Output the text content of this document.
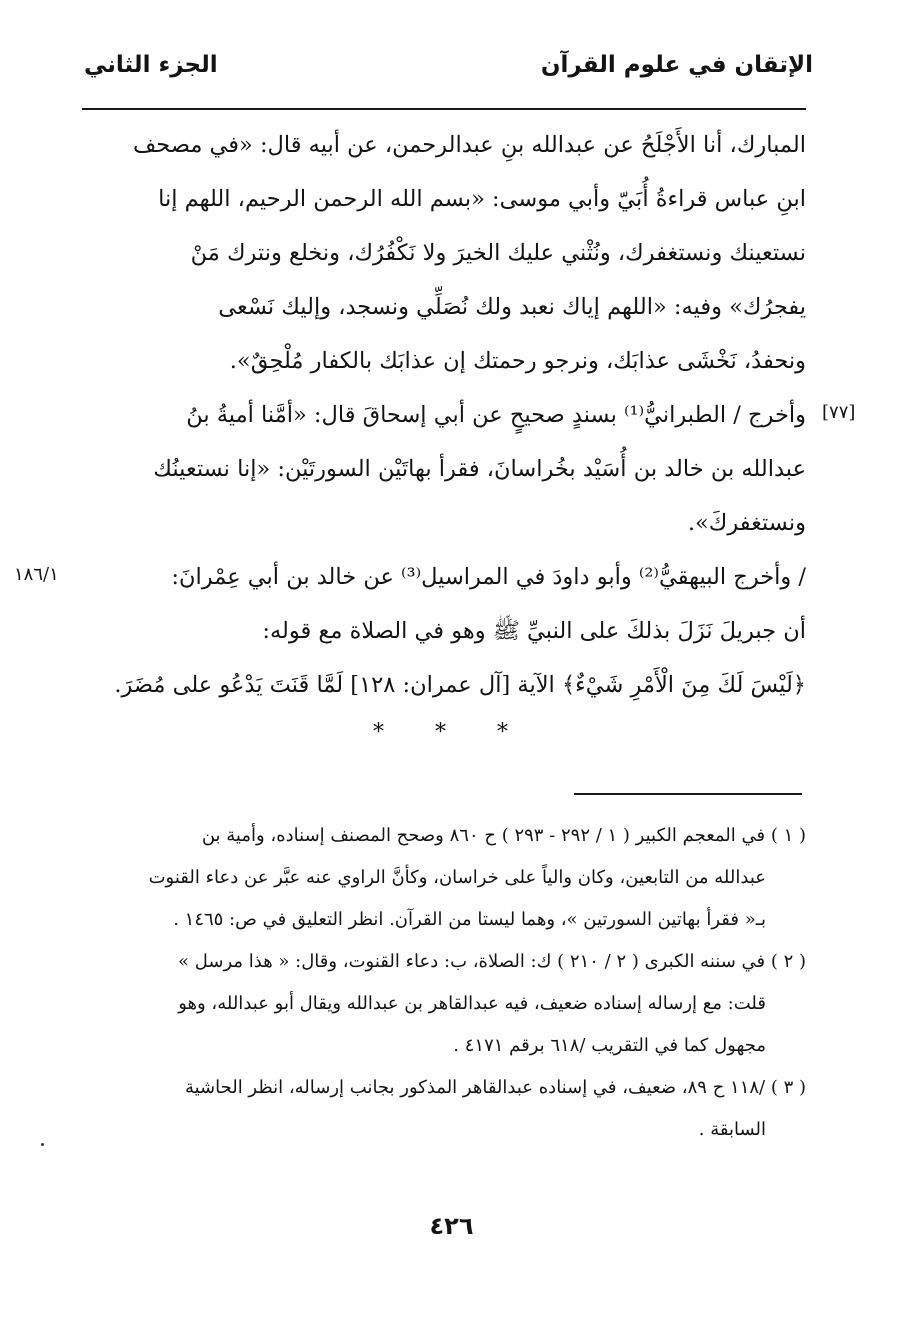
الإتقان في علوم القرآن
الجزء الثاني
المبارك، أنا الأَجْلَحُ عن عبدالله بنِ عبدالرحمن، عن أبيه قال: «في مصحف
ابنِ عباس قراءةُ أُبَيّ وأبي موسى: «بسم الله الرحمن الرحيم، اللهم إنا
نستعينك ونستغفرك، ونُثْني عليك الخيرَ ولا نَكْفُرُك، ونخلع ونترك مَنْ
يفجرُك» وفيه: «اللهم إياك نعبد ولك نُصَلِّي ونسجد، وإليك نَسْعى
ونحفدُ، نَخْشَى عذابَك، ونرجو رحمتك إن عذابَك بالكفار مُلْحِقٌ».
وأخرج / الطبرانيُّ⁽¹⁾ بسندٍ صحيحٍ عن أبي إسحاقَ قال: «أمَّنا أميةُ بنُ
عبدالله بن خالد بن أُسَيْد بخُراسانَ، فقرأ بهاتَيْن السورتَيْن: «إنا نستعينُك
ونستغفركَ».
/ وأخرج البيهقيُّ⁽²⁾ وأبو داودَ في المراسيل⁽³⁾ عن خالد بن أبي عِمْرانَ:
أن جبريلَ نَزَلَ بذلكَ على النبيِّ ﷺ وهو في الصلاة مع قوله:
﴿لَيْسَ لَكَ مِنَ الْأَمْرِ شَيْءٌ﴾ الآية [آل عمران: ١٢٨] لَمَّا قَنَتَ يَدْعُو على مُضَرَ.
[٧٧]
١٨٦/١
* * *
( ١ ) في المعجم الكبير ( ١ / ٢٩٢ - ٢٩٣ ) ح ٨٦٠ وصحح المصنف إسناده، وأمية بن
عبدالله من التابعين، وكان والياً على خراسان، وكأنَّ الراوي عنه عبَّر عن دعاء القنوت
بـ« فقرأ بهاتين السورتين »، وهما ليستا من القرآن. انظر التعليق في ص: ١٤٦٥ .
( ٢ ) في سننه الكبرى ( ٢ / ٢١٠ ) ك: الصلاة، ب: دعاء القنوت، وقال: « هذا مرسل »
قلت: مع إرساله إسناده ضعيف، فيه عبدالقاهر بن عبدالله ويقال أبو عبدالله، وهو
مجهول كما في التقريب /٦١٨ برقم ٤١٧١ .
( ٣ ) /١١٨ ح ٨٩، ضعيف، في إسناده عبدالقاهر المذكور بجانب إرساله، انظر الحاشية
السابقة .
٤٢٦
